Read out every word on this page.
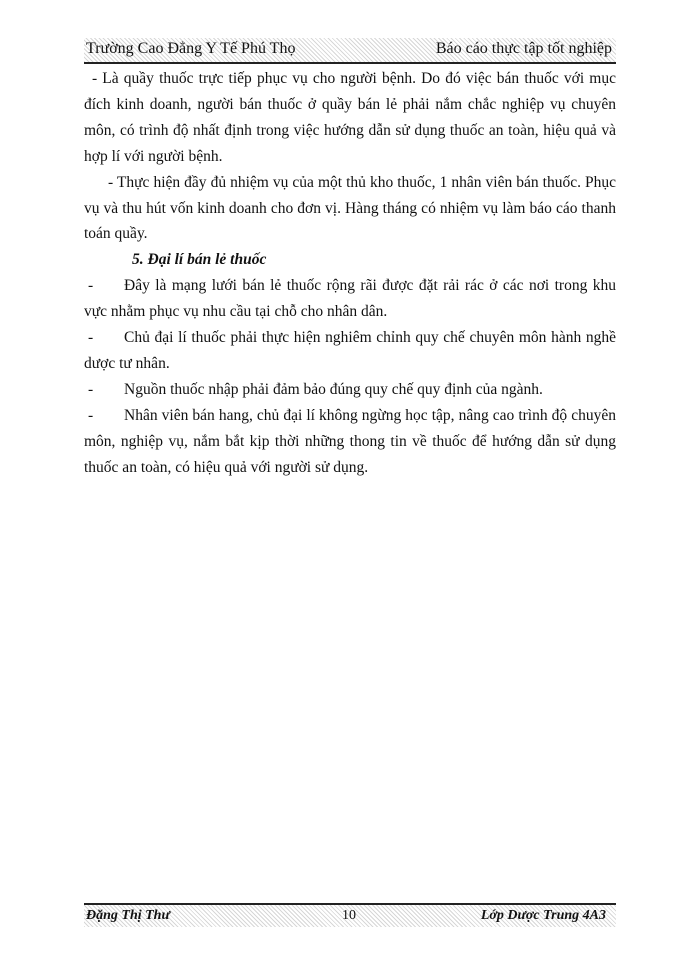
Trường Cao Đẳng Y Tế Phú Thọ	Báo cáo thực tập tốt nghiệp

- Là quầy thuốc trực tiếp phục vụ cho người bệnh. Do đó việc bán thuốc với mục đích kinh doanh, người bán thuốc ở quầy bán lẻ phải nắm chắc nghiệp vụ chuyên môn, có trình độ nhất định trong việc hướng dẫn sử dụng thuốc an toàn, hiệu quả và hợp lí với người bệnh.

- Thực hiện đầy đủ nhiệm vụ của một thủ kho thuốc, 1 nhân viên bán thuốc. Phục vụ và thu hút vốn kinh doanh cho đơn vị. Hàng tháng có nhiệm vụ làm báo cáo thanh toán quầy.

5. Đại lí bán lẻ thuốc

- Đây là mạng lưới bán lẻ thuốc rộng rãi được đặt rải rác ở các nơi trong khu vực nhằm phục vụ nhu cầu tại chỗ cho nhân dân.

- Chủ đại lí thuốc phải thực hiện nghiêm chỉnh quy chế chuyên môn hành nghề dược tư nhân.

- Nguồn thuốc nhập phải đảm bảo đúng quy chế quy định của ngành.

- Nhân viên bán hang, chủ đại lí không ngừng học tập, nâng cao trình độ chuyên môn, nghiệp vụ, nắm bắt kịp thời những thong tin về thuốc để hướng dẫn sử dụng thuốc an toàn, có hiệu quả với người sử dụng.

Đặng Thị Thư	10	Lớp Dược Trung 4A3
